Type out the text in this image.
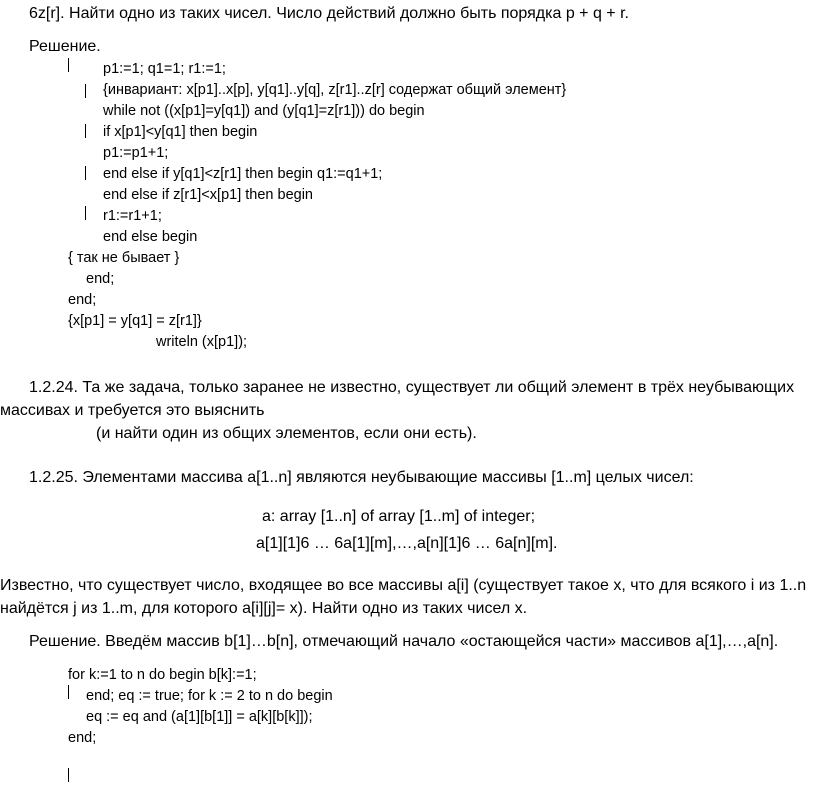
6z[r]. Найти одно из таких чисел. Число действий должно быть порядка p + q + r.
Решение.
p1:=1; q1=1; r1:=1;
{инвариант: x[p1]..x[p], y[q1]..y[q], z[r1]..z[r] содержат общий элемент}
while not ((x[p1]=y[q1]) and (y[q1]=z[r1])) do begin
if x[p1]<y[q1] then begin
p1:=p1+1;
end else if y[q1]<z[r1] then begin q1:=q1+1;
end else if z[r1]<x[p1] then begin
r1:=r1+1;
end else begin
{ так не бывает }
end;
end;
{x[p1] = y[q1] = z[r1]}
writeln (x[p1]);
1.2.24. Та же задача, только заранее не известно, существует ли общий элемент в трёх неубывающих
массивах и требуется это выяснить
(и найти один из общих элементов, если они есть).
1.2.25. Элементами массива a[1..n] являются неубывающие массивы [1..m] целых чисел:
a: array [1..n] of array [1..m] of integer;
a[1][1]6 … 6a[1][m],…,a[n][1]6 … 6a[n][m].
Известно, что существует число, входящее во все массивы a[i] (существует такое x, что для всякого i из 1..n
найдётся j из 1..m, для которого a[i][j]= x). Найти одно из таких чисел x.
Решение. Введём массив b[1]…b[n], отмечающий начало «остающейся части» массивов a[1],…,a[n].
for k:=1 to n do begin b[k]:=1;
end; eq := true; for k := 2 to n do begin
eq := eq and (a[1][b[1]] = a[k][b[k]]);
end;
